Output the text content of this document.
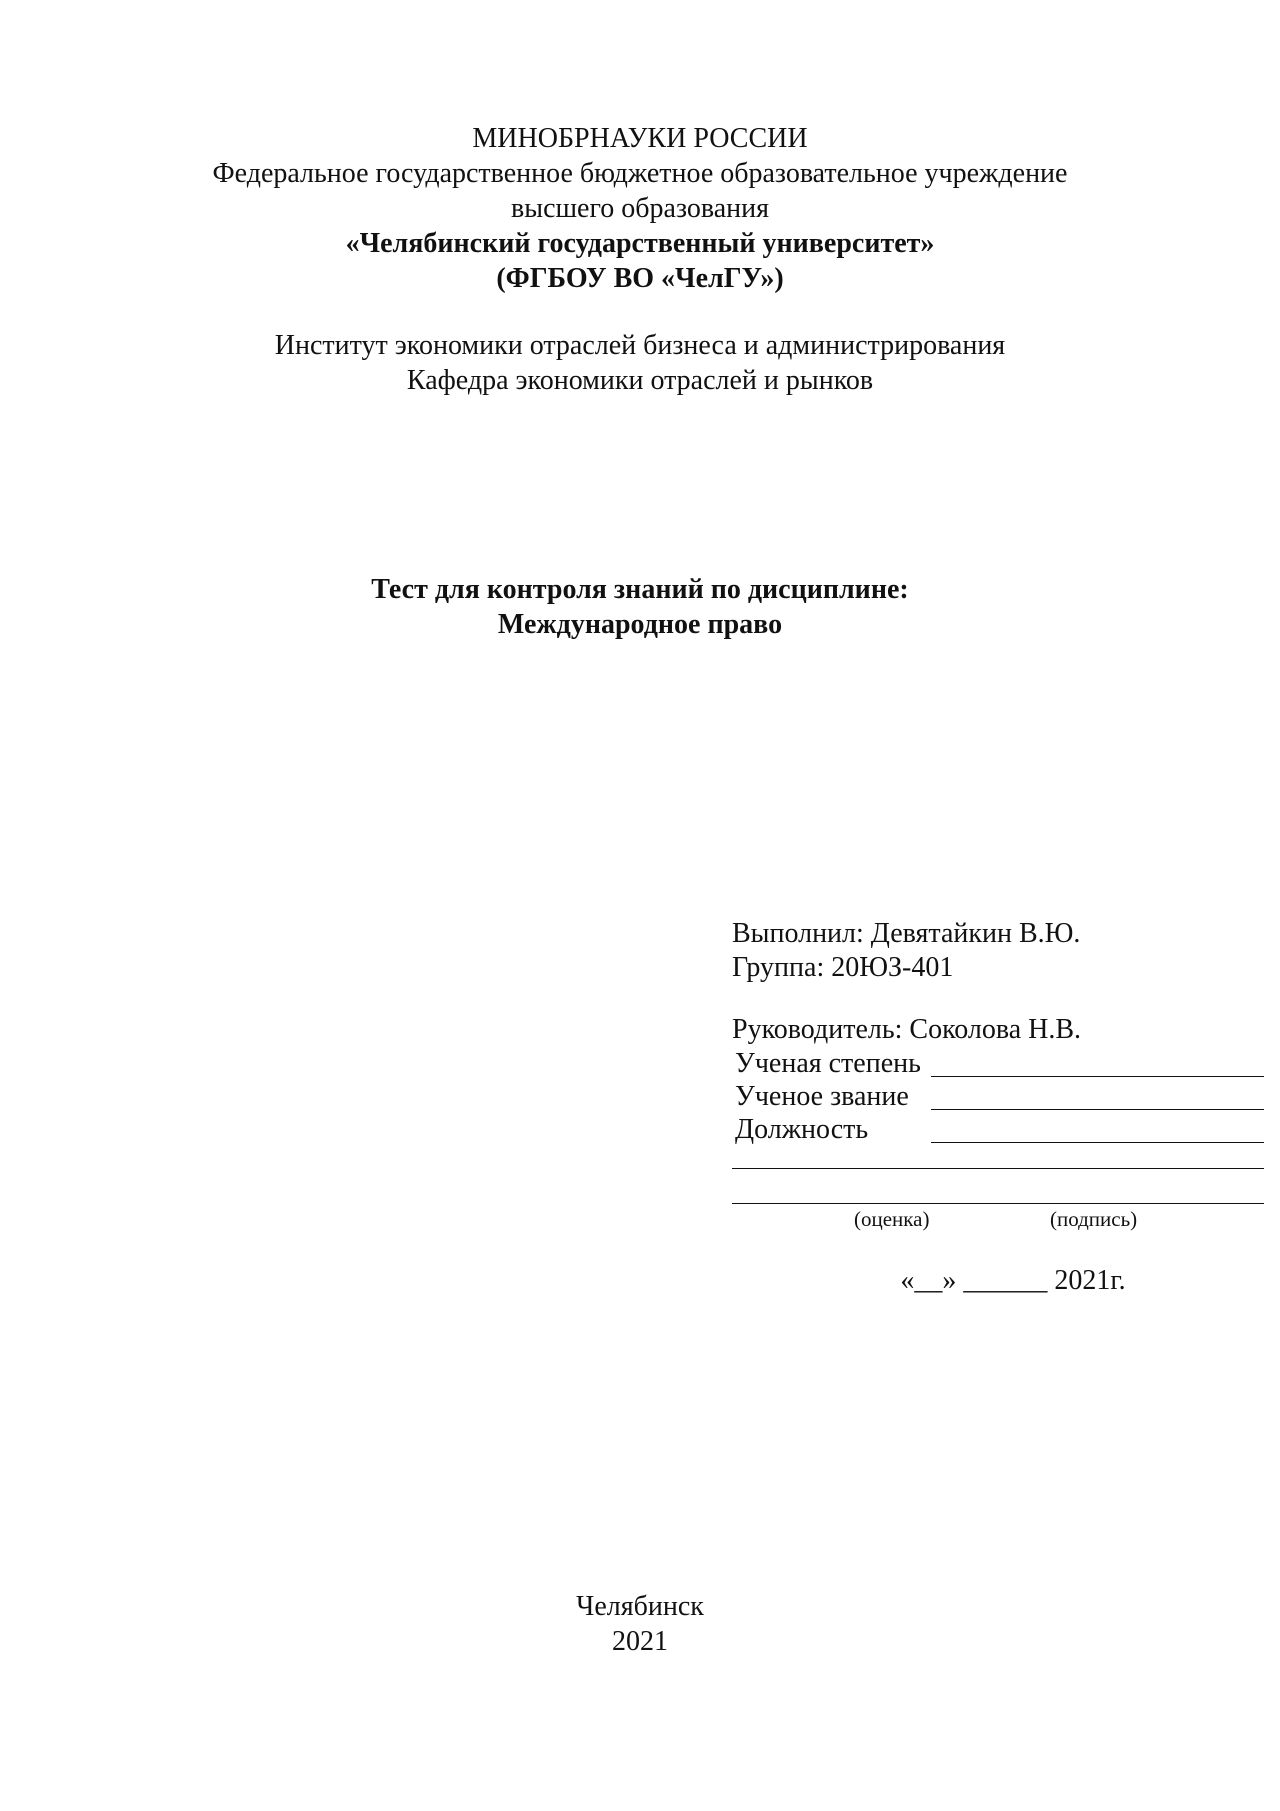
МИНОБРНАУКИ РОССИИ
Федеральное государственное бюджетное образовательное учреждение
высшего образования
«Челябинский государственный университет»
(ФГБОУ ВО «ЧелГУ»)
Институт экономики отраслей бизнеса и администрирования
Кафедра экономики отраслей и рынков
Тест для контроля знаний по дисциплине:
Международное право
Выполнил: Девятайкин В.Ю.
Группа: 20ЮЗ-401
Руководитель: Соколова Н.В.
Ученая степень
Ученое звание
Должность
(оценка)	(подпись)
«__» ______ 2021г.
Челябинск
2021
